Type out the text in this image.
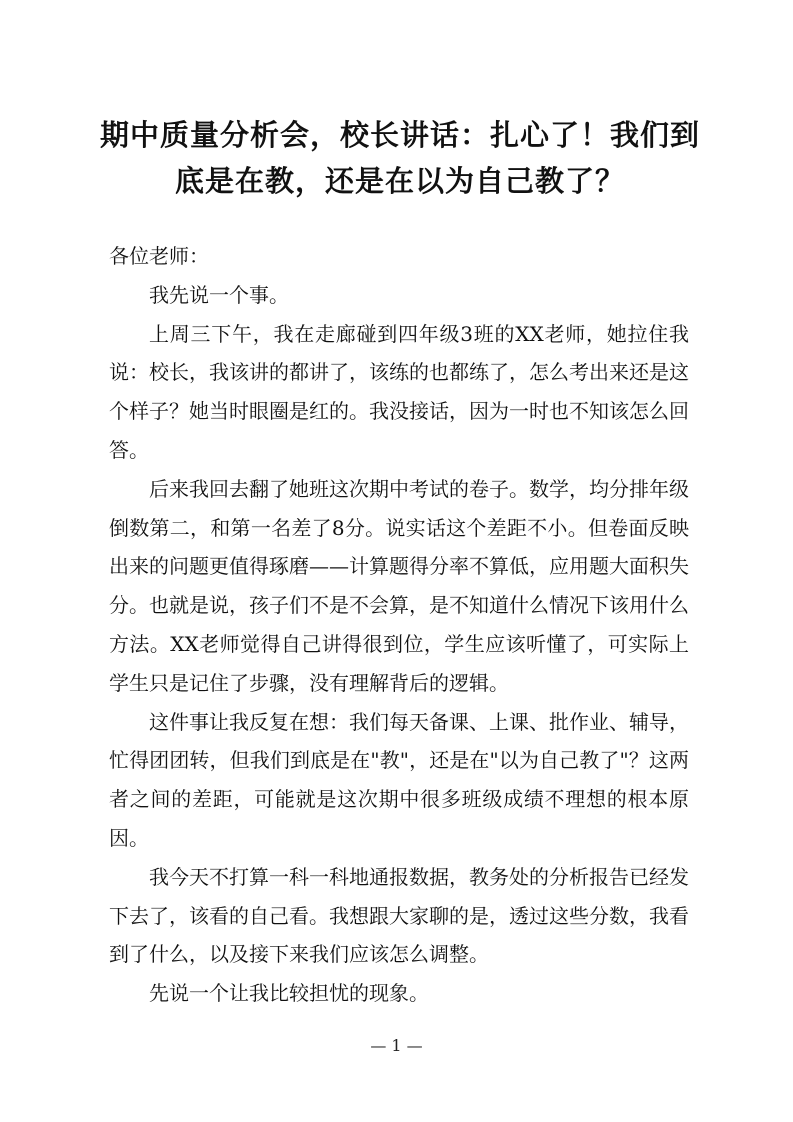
期中质量分析会，校长讲话：扎心了！我们到底是在教，还是在以为自己教了？

各位老师：

我先说一个事。

上周三下午，我在走廊碰到四年级3班的XX老师，她拉住我说：校长，我该讲的都讲了，该练的也都练了，怎么考出来还是这个样子？她当时眼圈是红的。我没接话，因为一时也不知该怎么回答。

后来我回去翻了她班这次期中考试的卷子。数学，均分排年级倒数第二，和第一名差了8分。说实话这个差距不小。但卷面反映出来的问题更值得琢磨——计算题得分率不算低，应用题大面积失分。也就是说，孩子们不是不会算，是不知道什么情况下该用什么方法。XX老师觉得自己讲得很到位，学生应该听懂了，可实际上学生只是记住了步骤，没有理解背后的逻辑。

这件事让我反复在想：我们每天备课、上课、批作业、辅导，忙得团团转，但我们到底是在"教"，还是在"以为自己教了"？这两者之间的差距，可能就是这次期中很多班级成绩不理想的根本原因。

我今天不打算一科一科地通报数据，教务处的分析报告已经发下去了，该看的自己看。我想跟大家聊的是，透过这些分数，我看到了什么，以及接下来我们应该怎么调整。

先说一个让我比较担忧的现象。

— 1 —
